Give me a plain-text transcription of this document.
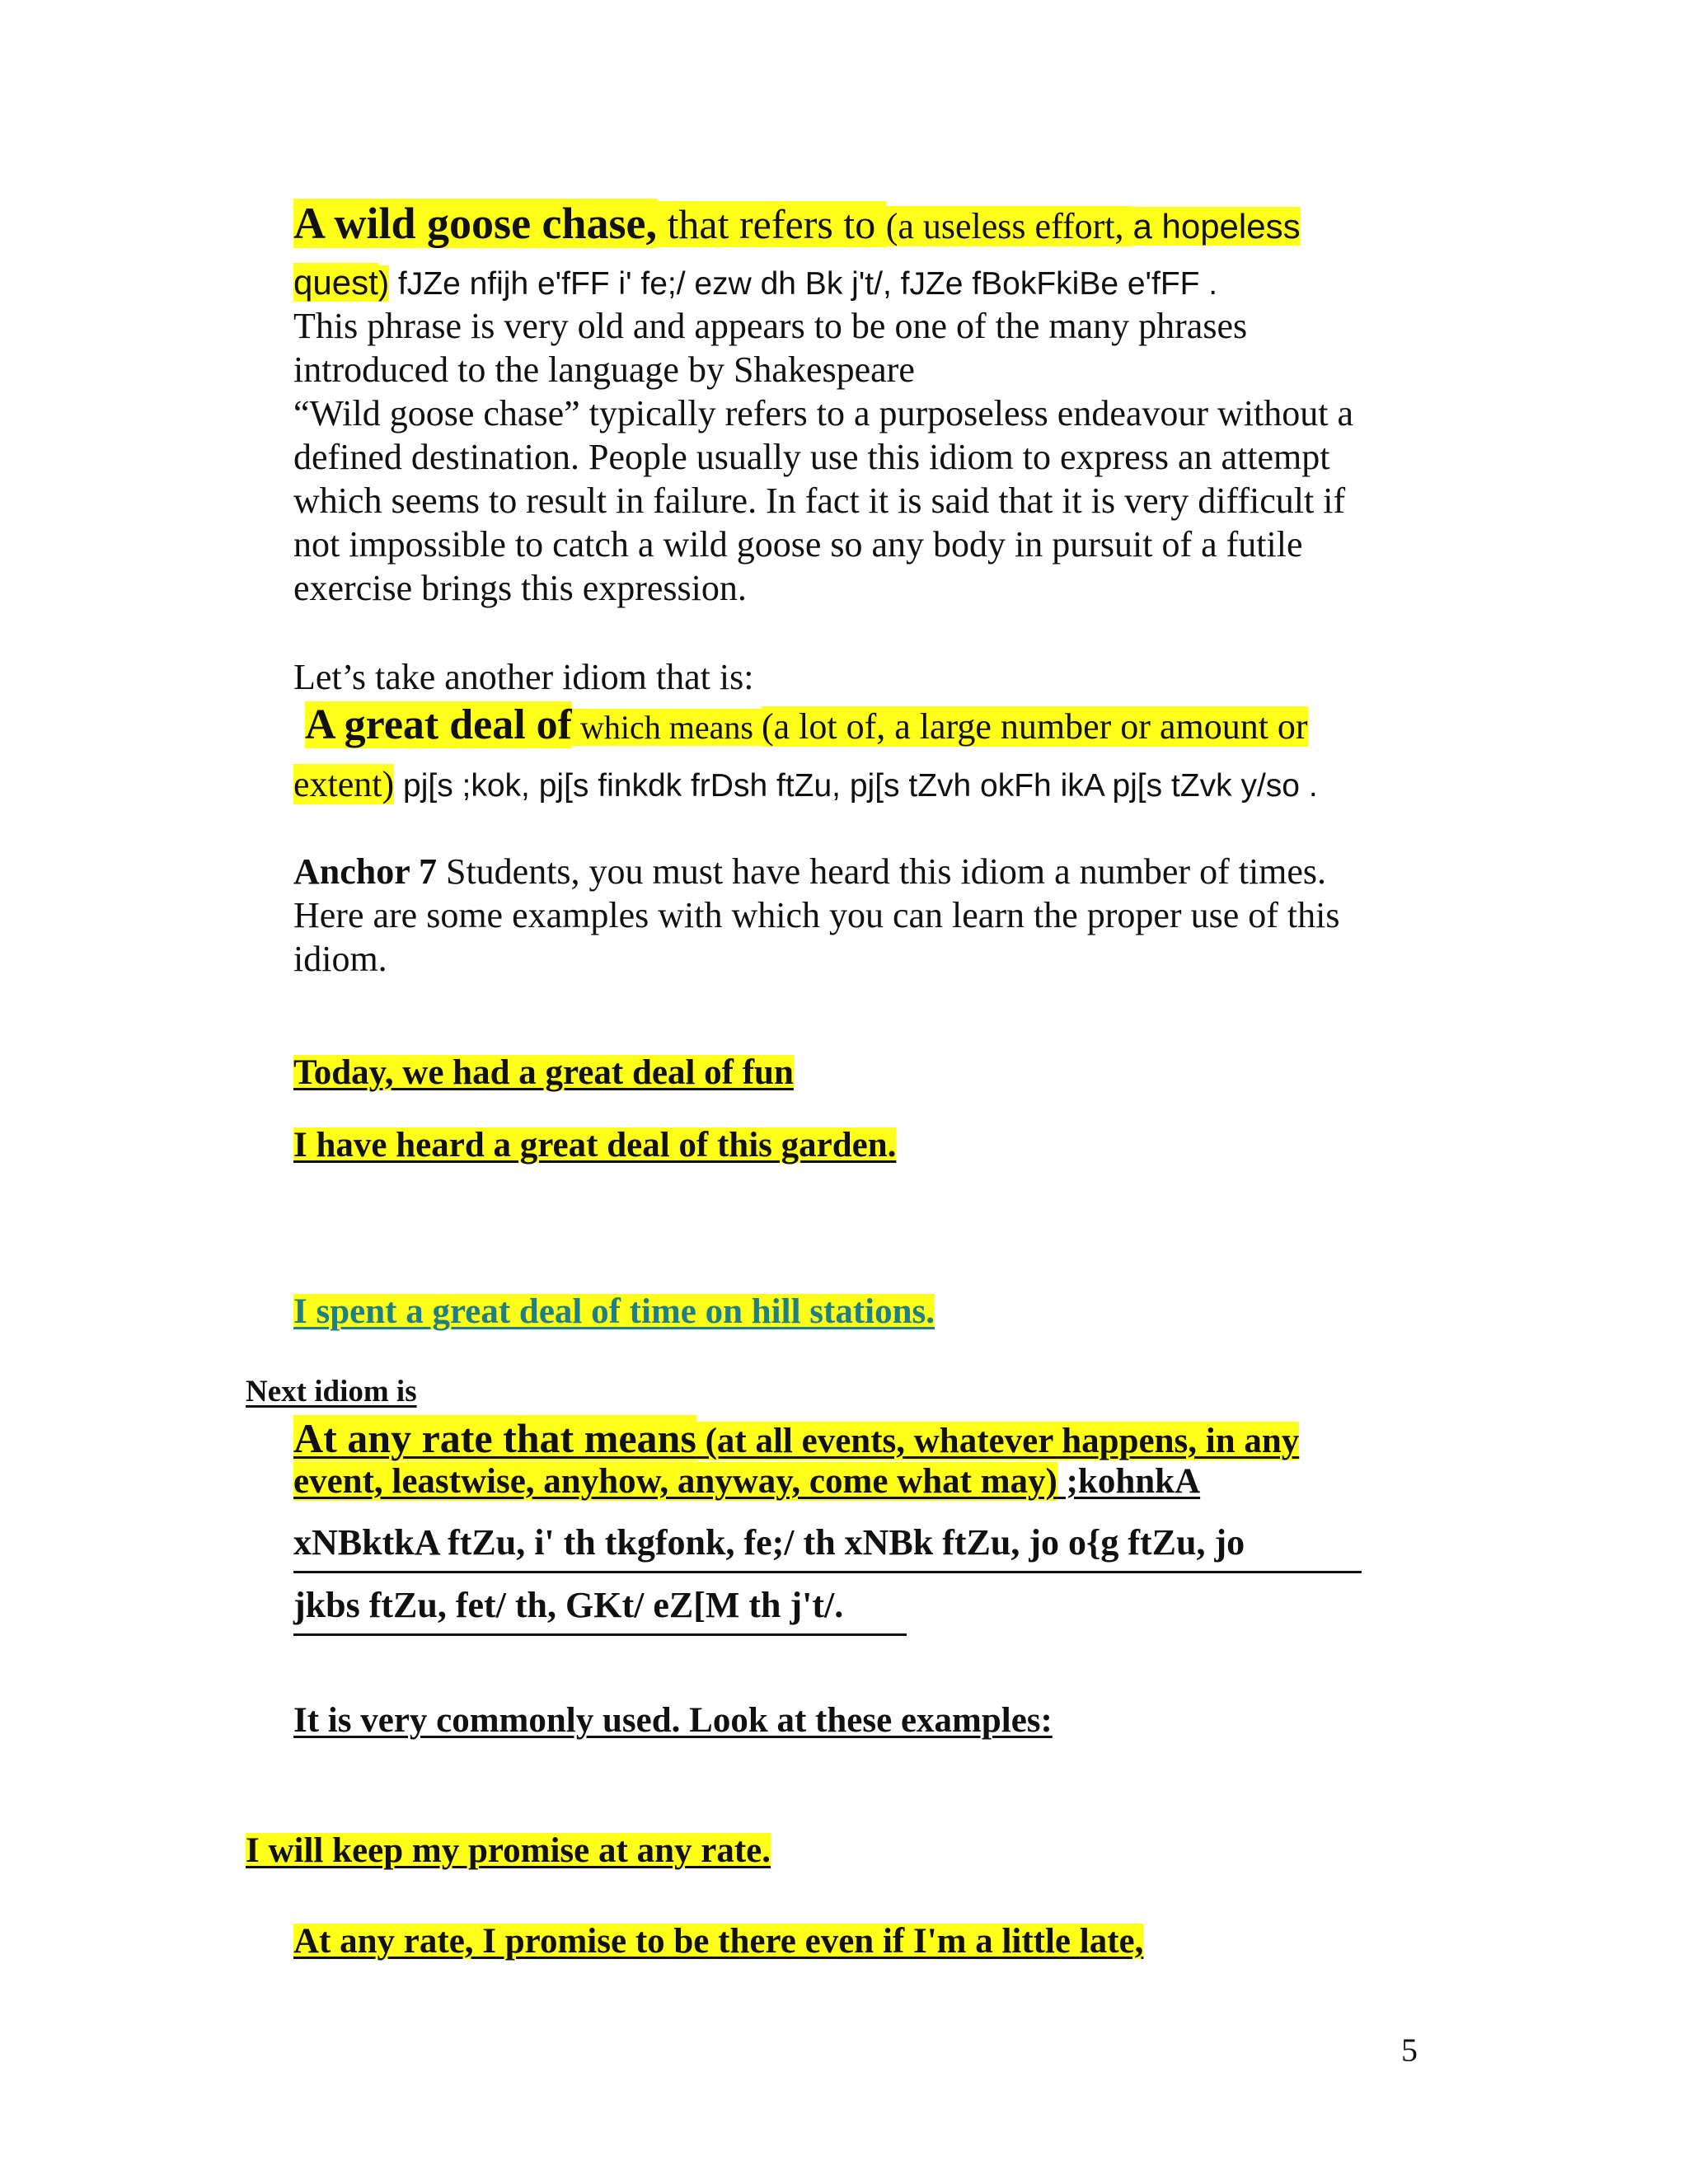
A wild goose chase, that refers to (a useless effort, a hopeless
quest) fJZe nfijh e'fFF i' fe;/ ezw dh Bk j't/, fJZe fBokFkiBe e'fFF .
This phrase is very old and appears to be one of the many phrases
introduced to the language by Shakespeare
“Wild goose chase” typically refers to a purposeless endeavour without a
defined destination. People usually use this idiom to express an attempt
which seems to result in failure. In fact it is said that it is very difficult if
not impossible to catch a wild goose so any body in pursuit of a futile
exercise brings this expression.
Let’s take another idiom that is:
A great deal of which means (a lot of, a large number or amount or
extent) pj[s ;kok, pj[s finkdk frDsh ftZu, pj[s tZvh okFh ikA pj[s tZvk y/so .
Anchor 7 Students, you must have heard this idiom a number of times.
Here are some examples with which you can learn the proper use of this
idiom.
Today, we had a great deal of fun
I have heard a great deal of this garden.
I spent a great deal of time on hill stations.
Next idiom is
At any rate that means (at all events, whatever happens, in any
event, leastwise, anyhow, anyway, come what may) ;kohnkA
xNBktkA ftZu, i' th tkgfonk, fe;/ th xNBk ftZu, jo o{g ftZu, jo
jkbs ftZu, fet/ th, GKt/ eZ[M th j't/.
It is very commonly used. Look at these examples:
I will keep my promise at any rate.
At any rate, I promise to be there even if I'm a little late,
5
